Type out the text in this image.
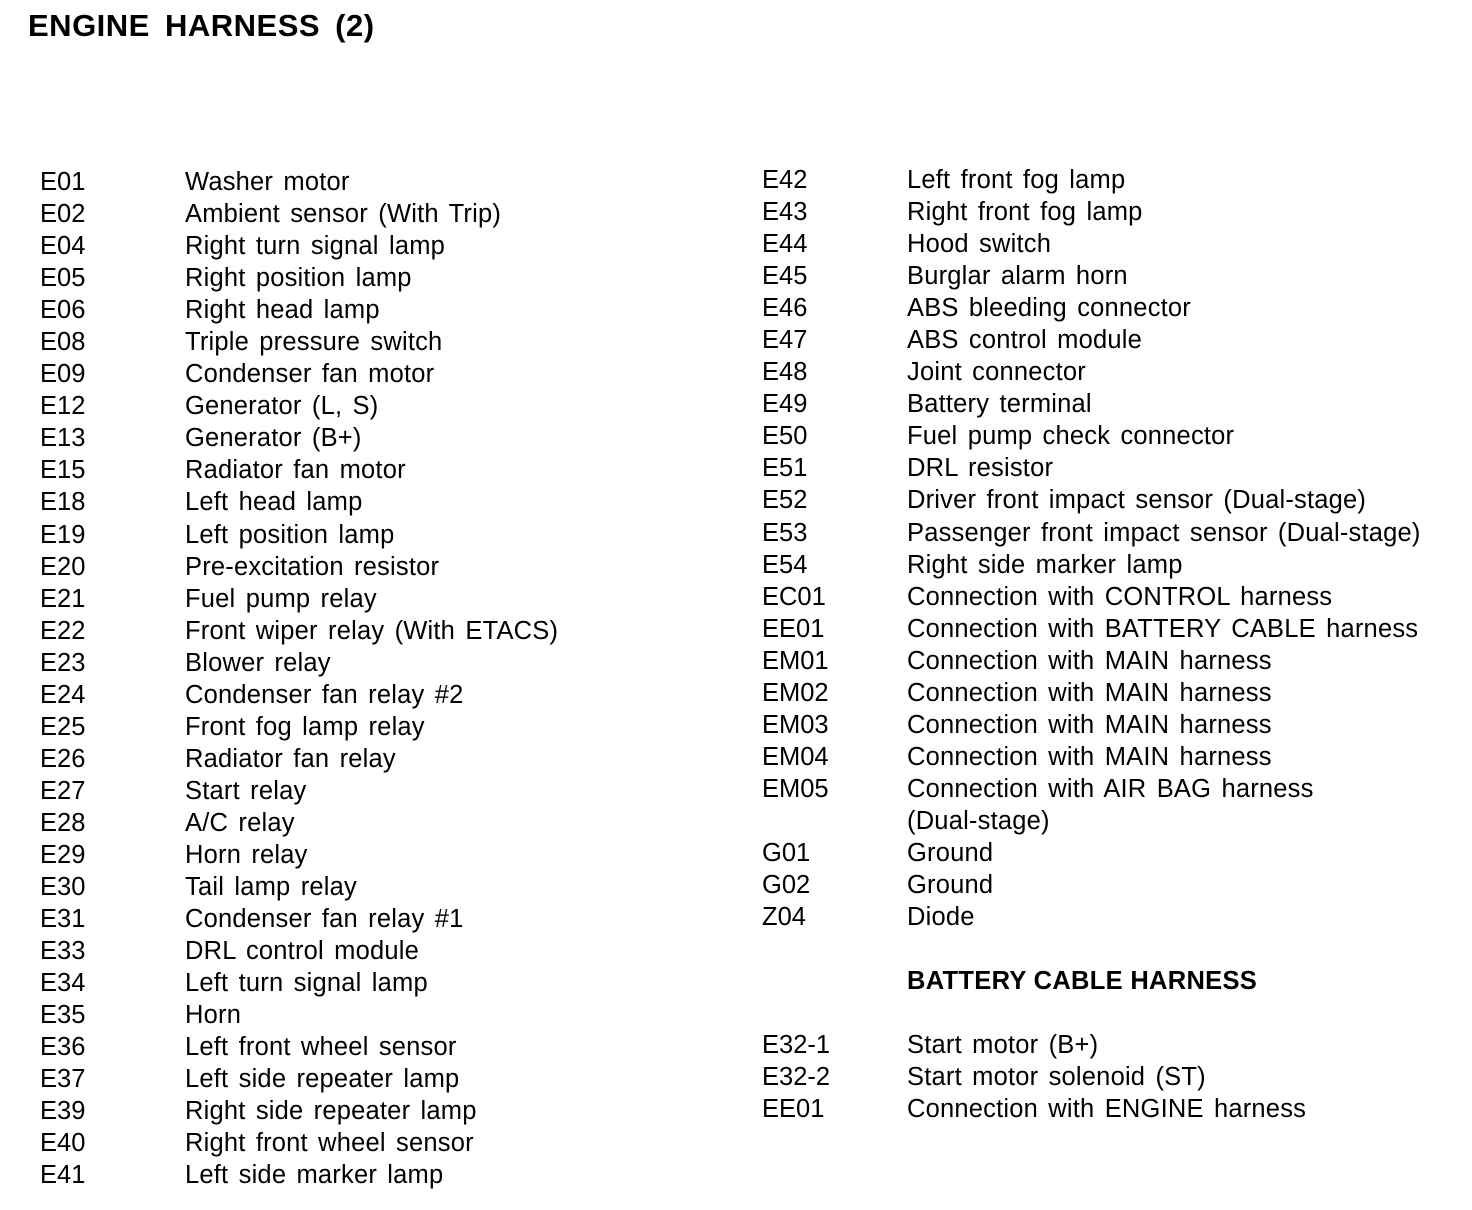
ENGINE HARNESS (2)
E01	Washer motor
E02	Ambient sensor (With Trip)
E04	Right turn signal lamp
E05	Right position lamp
E06	Right head lamp
E08	Triple pressure switch
E09	Condenser fan motor
E12	Generator (L, S)
E13	Generator (B+)
E15	Radiator fan motor
E18	Left head lamp
E19	Left position lamp
E20	Pre-excitation resistor
E21	Fuel pump relay
E22	Front wiper relay (With ETACS)
E23	Blower relay
E24	Condenser fan relay #2
E25	Front fog lamp relay
E26	Radiator fan relay
E27	Start relay
E28	A/C relay
E29	Horn relay
E30	Tail lamp relay
E31	Condenser fan relay #1
E33	DRL control module
E34	Left turn signal lamp
E35	Horn
E36	Left front wheel sensor
E37	Left side repeater lamp
E39	Right side repeater lamp
E40	Right front wheel sensor
E41	Left side marker lamp
E42	Left front fog lamp
E43	Right front fog lamp
E44	Hood switch
E45	Burglar alarm horn
E46	ABS bleeding connector
E47	ABS control module
E48	Joint connector
E49	Battery terminal
E50	Fuel pump check connector
E51	DRL resistor
E52	Driver front impact sensor (Dual-stage)
E53	Passenger front impact sensor (Dual-stage)
E54	Right side marker lamp
EC01	Connection with CONTROL harness
EE01	Connection with BATTERY CABLE harness
EM01	Connection with MAIN harness
EM02	Connection with MAIN harness
EM03	Connection with MAIN harness
EM04	Connection with MAIN harness
EM05	Connection with AIR BAG harness
(Dual-stage)
G01	Ground
G02	Ground
Z04	Diode
BATTERY CABLE HARNESS
E32-1	Start motor (B+)
E32-2	Start motor solenoid (ST)
EE01	Connection with ENGINE harness
